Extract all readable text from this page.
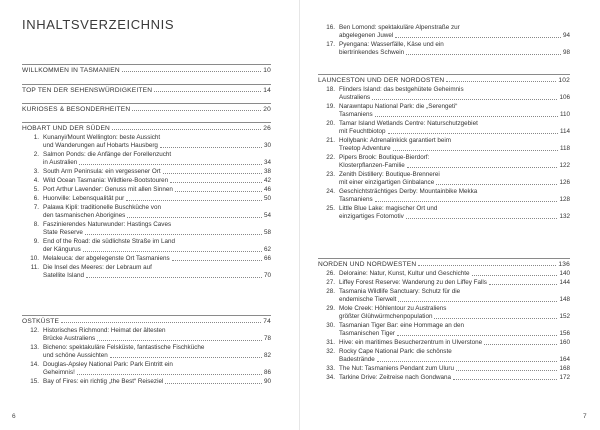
INHALTSVERZEICHNIS
WILLKOMMEN IN TASMANIEN	10
TOP TEN DER SEHENSWÜRDIGKEITEN	14
KURIOSES & BESONDERHEITEN	20
HOBART UND DER SÜDEN	26
1. Kunanyi/Mount Wellington: beste Aussicht
und Wanderungen auf Hobarts Hausberg	30
2. Salmon Ponds: die Anfänge der Forellenzucht
in Australien	34
3. South Arm Peninsula: ein vergessener Ort	38
4. Wild Ocean Tasmania: Wildtiere-Bootstouren	42
5. Port Arthur Lavender: Genuss mit allen Sinnen	46
6. Huonville: Lebensqualität pur	50
7. Palawa Kipli: traditionelle Buschküche von
den tasmanischen Aborigines	54
8. Faszinierendes Naturwunder: Hastings Caves
State Reserve	58
9. End of the Road: die südlichste Straße im Land
der Kängurus	62
10. Melaleuca: der abgelegenste Ort Tasmaniens	66
11. Die Insel des Meeres: der Lebraum auf
Satellite Island	70
OSTKÜSTE	74
12. Historisches Richmond: Heimat der ältesten
Brücke Australiens	78
13. Bicheno: spektakuläre Felsküste, fantastische Fischküche
und schöne Aussichten	82
14. Douglas-Apsley National Park: Park Eintritt ein
Geheimnis!	86
15. Bay of Fires: ein richtig „the Best“ Reiseziel	90
6
16. Ben Lomond: spektakuläre Alpenstraße zur
abgelegenen Juwel	94
17. Pyengana: Wasserfälle, Käse und ein
biertrinkendes Schwein	98
LAUNCESTON UND DER NORDOSTEN	102
18. Flinders Island: das bestgehütete Geheimnis
Australiens	106
19. Narawntapu National Park: die „Serengeti“
Tasmaniens	110
20. Tamar Island Wetlands Centre: Naturschutzgebiet
mit Feuchtbiotop	114
21. Hollybank: Adrenalinkick garantiert beim
Treetop Adventure	118
22. Pipers Brook: Boutique-Bierdorf:
Klosterpflanzen-Familie	122
23. Zenith Distillery: Boutique-Brennerei
mit einer einzigartigen Ginbalance	126
24. Geschichtsträchtiges Derby: Mountainbike Mekka
Tasmaniens	128
25. Little Blue Lake: magischer Ort und
einzigartiges Fotomotiv	132
NORDEN UND NORDWESTEN	136
26. Deloraine: Natur, Kunst, Kultur und Geschichte	140
27. Liffey Forest Reserve: Wanderung zu den Liffey Falls	144
28. Tasmania Wildlife Sanctuary: Schutz für die
endemische Tierwelt	148
29. Mole Creek: Höhlentour zu Australiens
größter Glühwürmchenpopulation	152
30. Tasmanian Tiger Bar: eine Hommage an den
Tasmanischen Tiger	156
31. Hive: ein maritimes Besucherzentrum in Ulverstone	160
32. Rocky Cape National Park: die schönste
Badestrände	164
33. The Nut: Tasmaniens Pendant zum Uluru	168
34. Tarkine Drive: Zeitreise nach Gondwana	172
7
